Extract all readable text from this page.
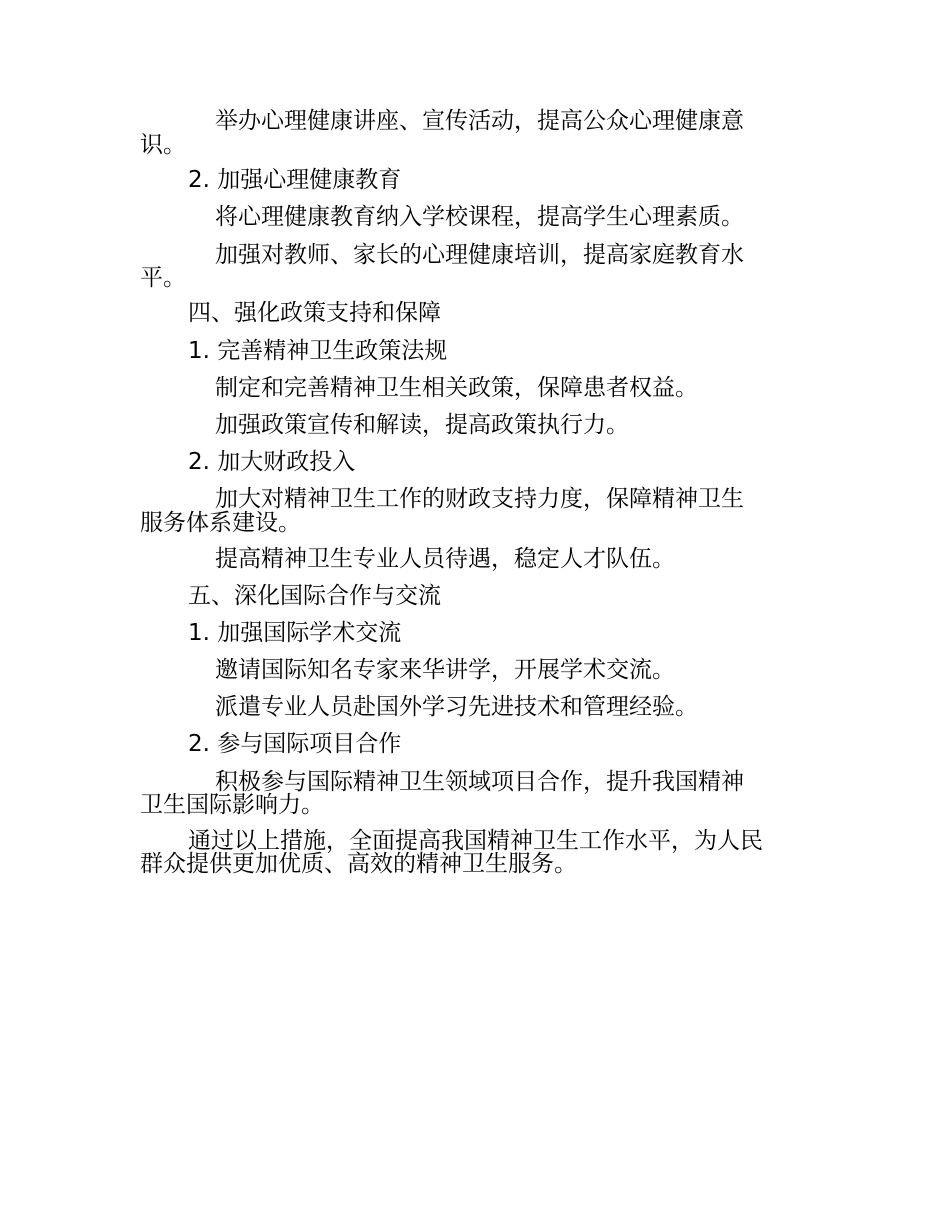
举办心理健康讲座、宣传活动，提高公众心理健康意
识。
2. 加强心理健康教育
将心理健康教育纳入学校课程，提高学生心理素质。
加强对教师、家长的心理健康培训，提高家庭教育水
平。
四、强化政策支持和保障
1. 完善精神卫生政策法规
制定和完善精神卫生相关政策，保障患者权益。
加强政策宣传和解读，提高政策执行力。
2. 加大财政投入
加大对精神卫生工作的财政支持力度，保障精神卫生
服务体系建设。
提高精神卫生专业人员待遇，稳定人才队伍。
五、深化国际合作与交流
1. 加强国际学术交流
邀请国际知名专家来华讲学，开展学术交流。
派遣专业人员赴国外学习先进技术和管理经验。
2. 参与国际项目合作
积极参与国际精神卫生领域项目合作，提升我国精神
卫生国际影响力。
通过以上措施，全面提高我国精神卫生工作水平，为人民
群众提供更加优质、高效的精神卫生服务。
